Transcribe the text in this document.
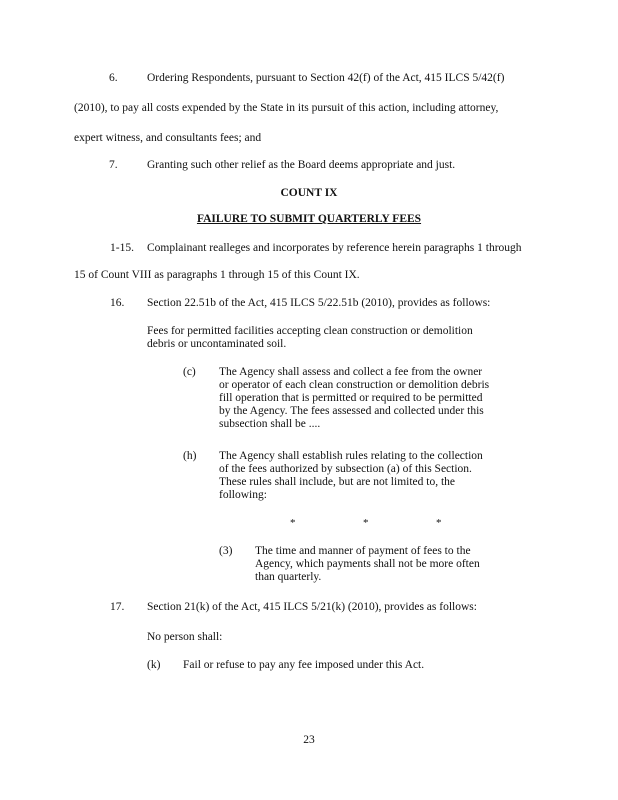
6.	Ordering Respondents, pursuant to Section 42(f) of the Act, 415 ILCS 5/42(f)
(2010), to pay all costs expended by the State in its pursuit of this action, including attorney,
expert witness, and consultants fees; and
7.	Granting such other relief as the Board deems appropriate and just.
COUNT IX
FAILURE TO SUBMIT QUARTERLY FEES
1-15. Complainant realleges and incorporates by reference herein paragraphs 1 through
15 of Count VIII as paragraphs 1 through 15 of this Count IX.
16. Section 22.51b of the Act, 415 ILCS 5/22.51b (2010), provides as follows:
Fees for permitted facilities accepting clean construction or demolition
debris or uncontaminated soil.
(c) The Agency shall assess and collect a fee from the owner
or operator of each clean construction or demolition debris
fill operation that is permitted or required to be permitted
by the Agency. The fees assessed and collected under this
subsection shall be ....
(h) The Agency shall establish rules relating to the collection
of the fees authorized by subsection (a) of this Section.
These rules shall include, but are not limited to, the
following:
*	*	*
(3) The time and manner of payment of fees to the
Agency, which payments shall not be more often
than quarterly.
17. Section 21(k) of the Act, 415 ILCS 5/21(k) (2010), provides as follows:
No person shall:
(k) Fail or refuse to pay any fee imposed under this Act.
23
